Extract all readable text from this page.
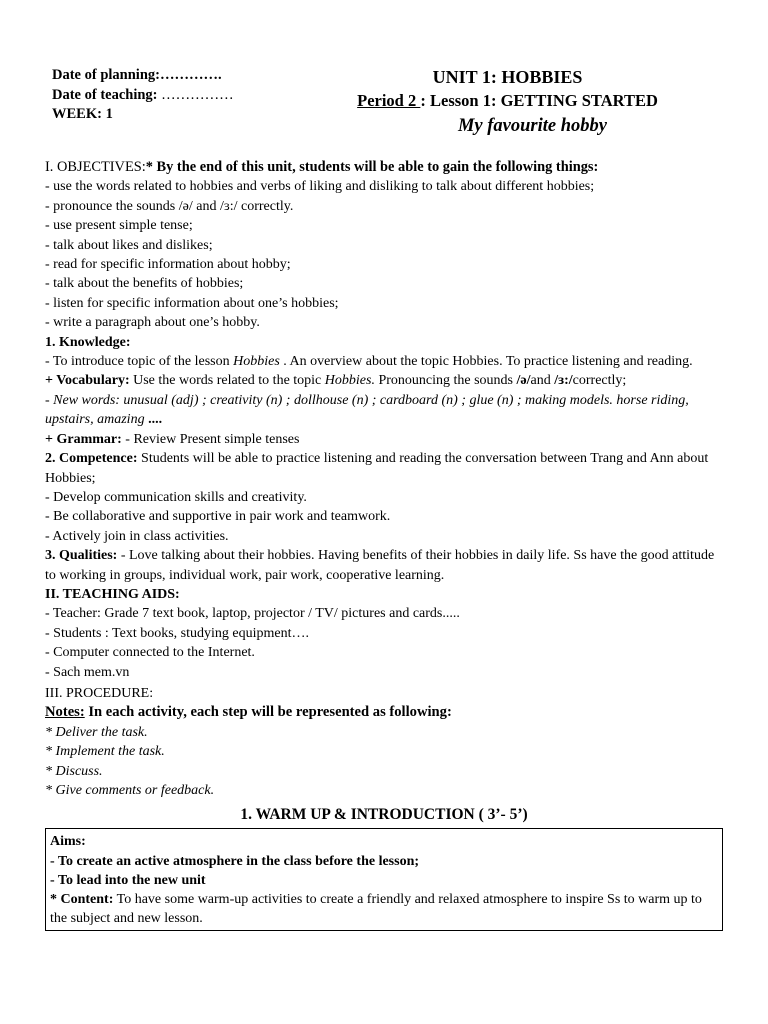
Date of planning:………….
Date of teaching: ……………
WEEK: 1
UNIT 1: HOBBIES
Period 2 : Lesson 1: GETTING STARTED
My favourite hobby
I. OBJECTIVES:* By the end of this unit, students will be able to gain the following things:
- use the words related to hobbies and verbs of liking and disliking to talk about different hobbies;
- pronounce the sounds /ə/ and /ɜ:/ correctly.
- use present simple tense;
- talk about likes and dislikes;
- read for specific information about hobby;
- talk about the benefits of hobbies;
- listen for specific information about one’s hobbies;
- write a paragraph about one’s hobby.
1. Knowledge:
- To introduce topic of the lesson Hobbies . An overview about the topic Hobbies. To practice listening and reading.
+ Vocabulary: Use the words related to the topic Hobbies. Pronouncing the sounds /ə/and /ɜ:/correctly;
- New words: unusual (adj) ; creativity (n) ; dollhouse (n) ; cardboard (n) ; glue (n) ; making models. horse riding, upstairs, amazing ....
+ Grammar: - Review Present simple tenses
2. Competence: Students will be able to practice listening and reading the conversation between Trang and Ann about Hobbies;
- Develop communication skills and creativity.
- Be collaborative and supportive in pair work and teamwork.
- Actively join in class activities.
3. Qualities: - Love talking about their hobbies. Having benefits of their hobbies in daily life. Ss have the good attitude to working in groups, individual work, pair work, cooperative learning.
II. TEACHING AIDS:
- Teacher: Grade 7 text book, laptop, projector / TV/ pictures and cards.....
- Students : Text books, studying equipment….
- Computer connected to the Internet.
- Sach mem.vn
III. PROCEDURE:
Notes: In each activity, each step will be represented as following:
* Deliver the task.
* Implement the task.
* Discuss.
* Give comments or feedback.
1. WARM UP & INTRODUCTION ( 3’- 5’)
Aims:
- To create an active atmosphere in the class before the lesson;
- To lead into the new unit
* Content: To have some warm-up activities to create a friendly and relaxed atmosphere to inspire Ss to warm up to the subject and new lesson.
